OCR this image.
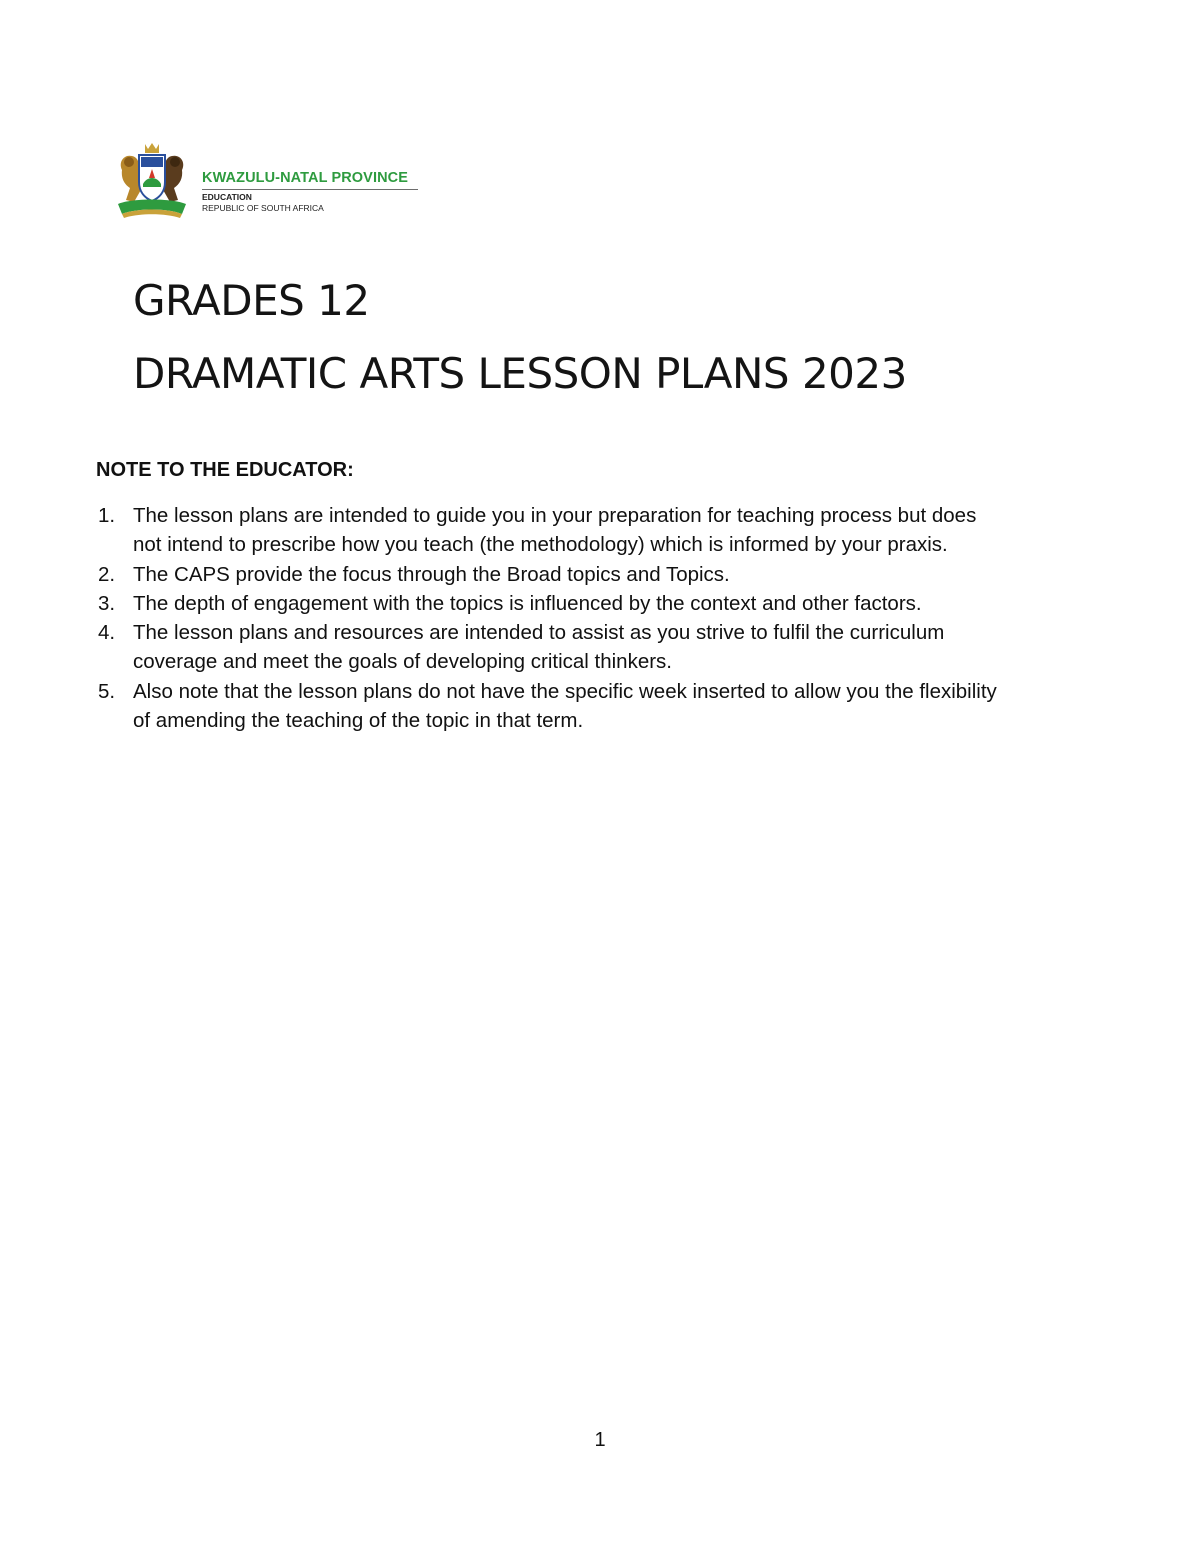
KWAZULU-NATAL PROVINCE
EDUCATION
REPUBLIC OF SOUTH AFRICA
GRADES 12
DRAMATIC ARTS LESSON PLANS 2023
NOTE TO THE EDUCATOR:
1. The lesson plans are intended to guide you in your preparation for teaching process but does
not intend to prescribe how you teach (the methodology) which is informed by your praxis.
2. The CAPS provide the focus through the Broad topics and Topics.
3. The depth of engagement with the topics is influenced by the context and other factors.
4. The lesson plans and resources are intended to assist as you strive to fulfil the curriculum
coverage and meet the goals of developing critical thinkers.
5. Also note that the lesson plans do not have the specific week inserted to allow you the flexibility
of amending the teaching of the topic in that term.
1
